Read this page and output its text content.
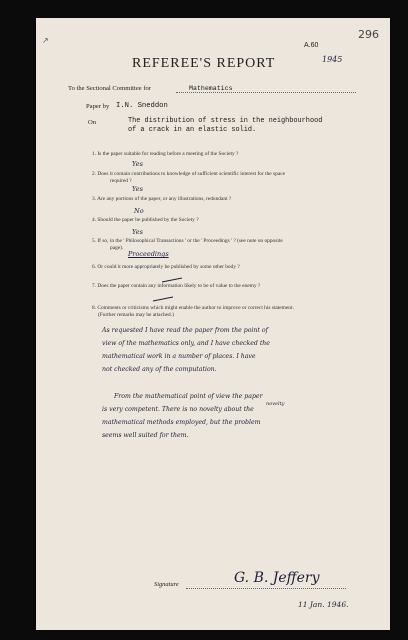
296
A.60
1945
↗
REFEREE'S REPORT
To the Sectional Committee for	Mathematics
Paper by I.N. Sneddon
On	The distribution of stress in the neighbourhood
of a crack in an elastic solid.
1. Is the paper suitable for reading before a meeting of the Society ?
Yes
2. Does it contain contributions to knowledge of sufficient scientific interest for the space
required ?
Yes
3. Are any portions of the paper, or any illustrations, redundant ?
No
4. Should the paper be published by the Society ?
Yes
5. If so, in the ' Philosophical Transactions ' or the ' Proceedings ' ? (see note on opposite
page).
Proceedings
6. Or could it more appropriately be published by some other body ?
7. Does the paper contain any information likely to be of value to the enemy ?
8. Comments or criticisms which might enable the author to improve or correct his statement.
(Further remarks may be attached.)
As requested I have read the paper from the point of
view of the mathematics only, and I have checked the
mathematical work in a number of places. I have
not checked any of the computation.
novelty
From the mathematical point of view the paper
is very competent. There is no novelty about the
mathematical methods employed, but the problem
seems well suited for them.
Signature	G. B. Jeffery
11 Jan. 1946.
